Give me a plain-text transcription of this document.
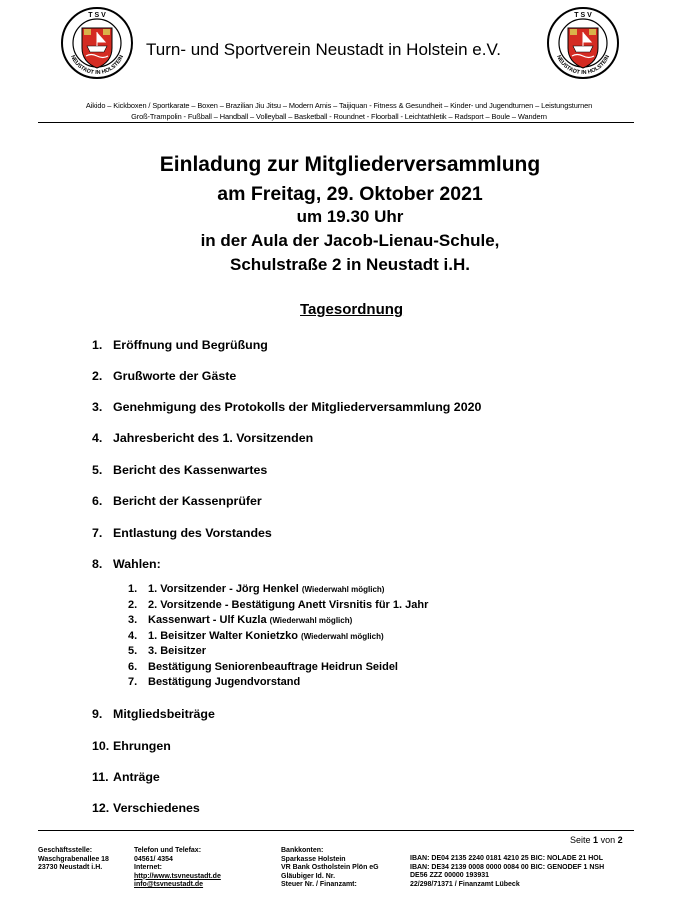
T S V
NEUSTADT IN HOLSTEIN Turn- und Sportverein Neustadt in Holstein e.V.
T S V
NEUSTADT IN HOLSTEIN
Aikido – Kickboxen / Sportkarate – Boxen – Brazilian Jiu Jitsu – Modern Arnis – Taijiquan - Fitness & Gesundheit – Kinder- und Jugendturnen – Leistungsturnen
Groß-Trampolin - Fußball – Handball – Volleyball – Basketball - Roundnet - Floorball - Leichtathletik – Radsport – Boule – Wandern
Einladung zur Mitgliederversammlung
am Freitag, 29. Oktober 2021
um 19.30 Uhr
in der Aula der Jacob-Lienau-Schule,
Schulstraße 2 in Neustadt i.H.
Tagesordnung
1. Eröffnung und Begrüßung
2. Grußworte der Gäste
3. Genehmigung des Protokolls der Mitgliederversammlung 2020
4. Jahresbericht des 1. Vorsitzenden
5. Bericht des Kassenwartes
6. Bericht der Kassenprüfer
7. Entlastung des Vorstandes
8. Wahlen:
1. 1. Vorsitzender - Jörg Henkel (Wiederwahl möglich)
2. 2. Vorsitzende - Bestätigung Anett Virsnitis für 1. Jahr
3. Kassenwart - Ulf Kuzla (Wiederwahl möglich)
4. 1. Beisitzer Walter Konietzko (Wiederwahl möglich)
5. 3. Beisitzer
6. Bestätigung Seniorenbeauftrage Heidrun Seidel
7. Bestätigung Jugendvorstand
9. Mitgliedsbeiträge
10. Ehrungen
11. Anträge
12. Verschiedenes
Seite 1 von 2
Geschäftsstelle:
Waschgrabenallee 18
23730 Neustadt i.H.
Telefon und Telefax:
04561/ 4354
Internet:
http://www.tsvneustadt.de
info@tsvneustadt.de
Bankkonten:
Sparkasse Holstein
VR Bank Ostholstein Plön eG
Gläubiger Id. Nr.
Steuer Nr. / Finanzamt:
IBAN: DE04 2135 2240 0181 4210 25 BIC: NOLADE 21 HOL
IBAN: DE34 2139 0008 0000 0084 00 BIC: GENODEF 1 NSH
DE56 ZZZ 00000 193931
22/298/71371 / Finanzamt Lübeck
